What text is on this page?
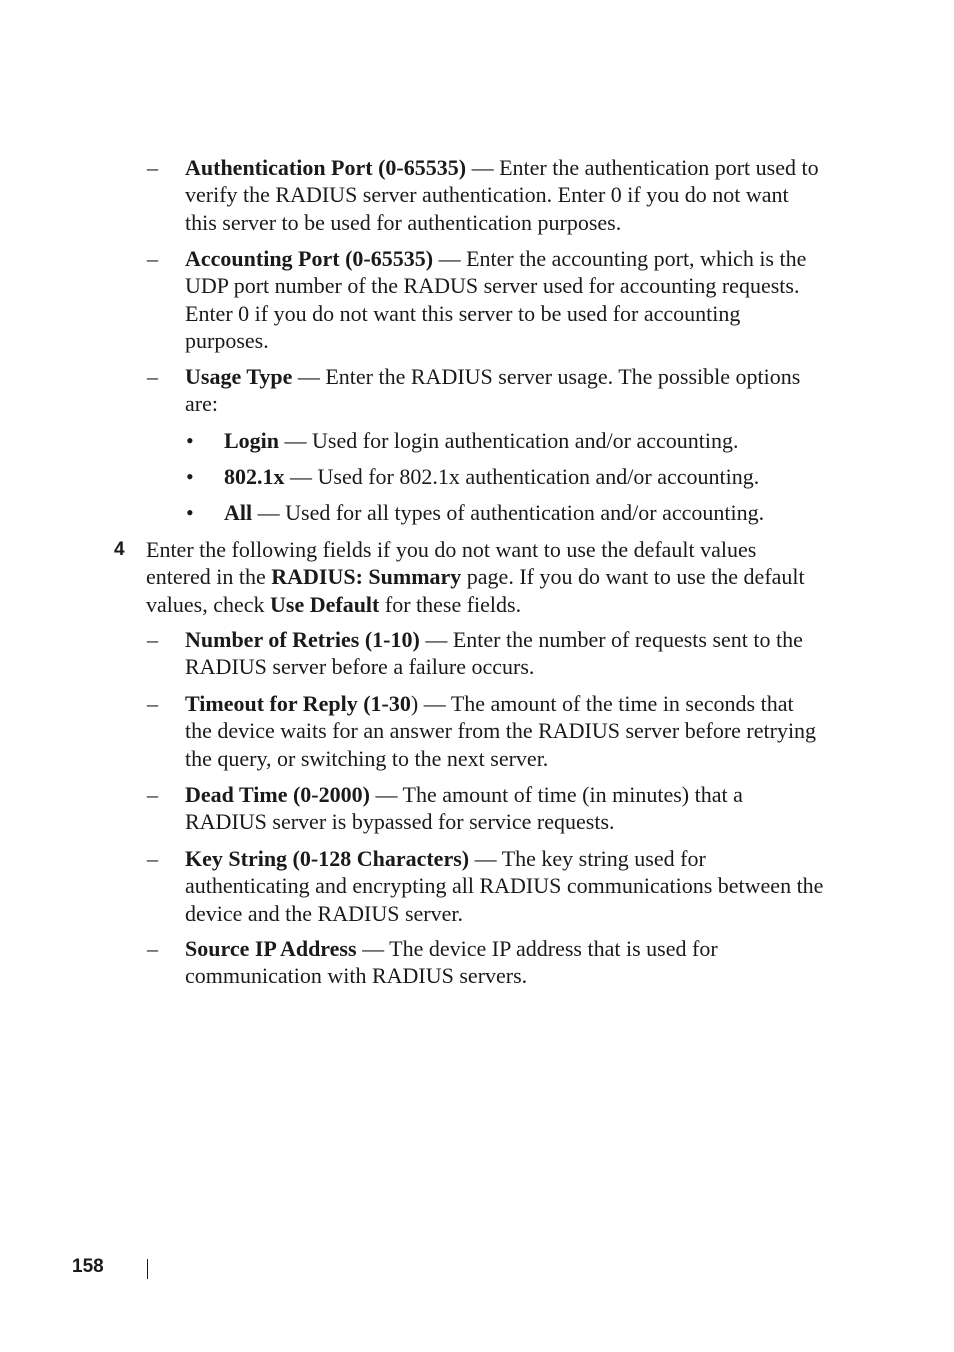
– Authentication Port (0-65535) — Enter the authentication port used to verify the RADIUS server authentication. Enter 0 if you do not want this server to be used for authentication purposes.
– Accounting Port (0-65535) — Enter the accounting port, which is the UDP port number of the RADUS server used for accounting requests. Enter 0 if you do not want this server to be used for accounting purposes.
– Usage Type — Enter the RADIUS server usage. The possible options are:
• Login — Used for login authentication and/or accounting.
• 802.1x — Used for 802.1x authentication and/or accounting.
• All — Used for all types of authentication and/or accounting.
4 Enter the following fields if you do not want to use the default values entered in the RADIUS: Summary page. If you do want to use the default values, check Use Default for these fields.
– Number of Retries (1-10) — Enter the number of requests sent to the RADIUS server before a failure occurs.
– Timeout for Reply (1-30) — The amount of the time in seconds that the device waits for an answer from the RADIUS server before retrying the query, or switching to the next server.
– Dead Time (0-2000) — The amount of time (in minutes) that a RADIUS server is bypassed for service requests.
– Key String (0-128 Characters) — The key string used for authenticating and encrypting all RADIUS communications between the device and the RADIUS server.
– Source IP Address — The device IP address that is used for communication with RADIUS servers.
158
